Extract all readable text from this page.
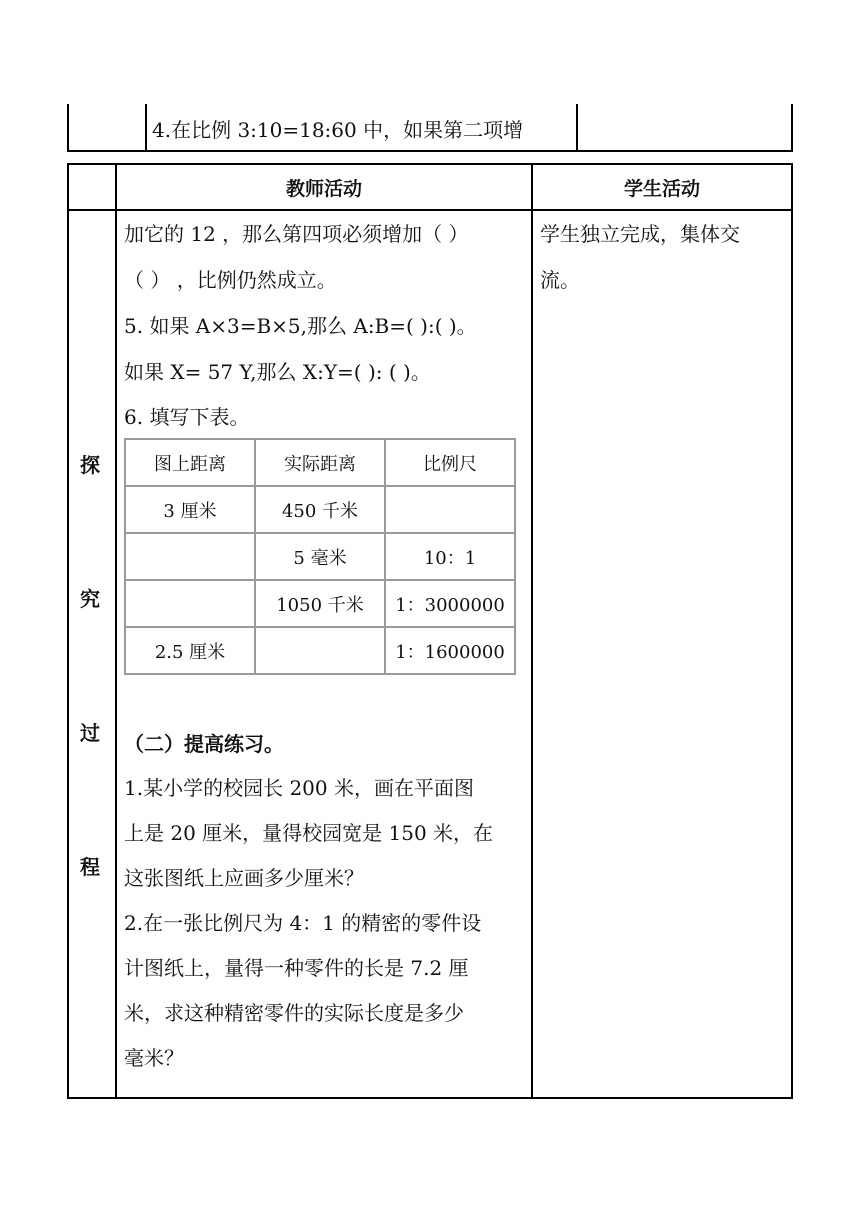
4.在比例 3:10=18:60 中，如果第二项增
教师活动	学生活动
探
究
过
程
加它的 12 ，那么第四项必须增加（ ）
（ ） ，比例仍然成立。
5. 如果 A×3=B×5,那么 A:B=( ):( )。
如果 X= 57 Y,那么 X:Y=( ): ( )。
6. 填写下表。
图上距离	实际距离	比例尺
3 厘米	450 千米	
	5 毫米	10：1
	1050 千米	1：3000000
2.5 厘米		1：1600000
（二）提高练习。
1.某小学的校园长 200 米，画在平面图
上是 20 厘米，量得校园宽是 150 米，在
这张图纸上应画多少厘米？
2.在一张比例尺为 4：1 的精密的零件设
计图纸上，量得一种零件的长是 7.2 厘
米，求这种精密零件的实际长度是多少
毫米？
学生独立完成，集体交
流。
